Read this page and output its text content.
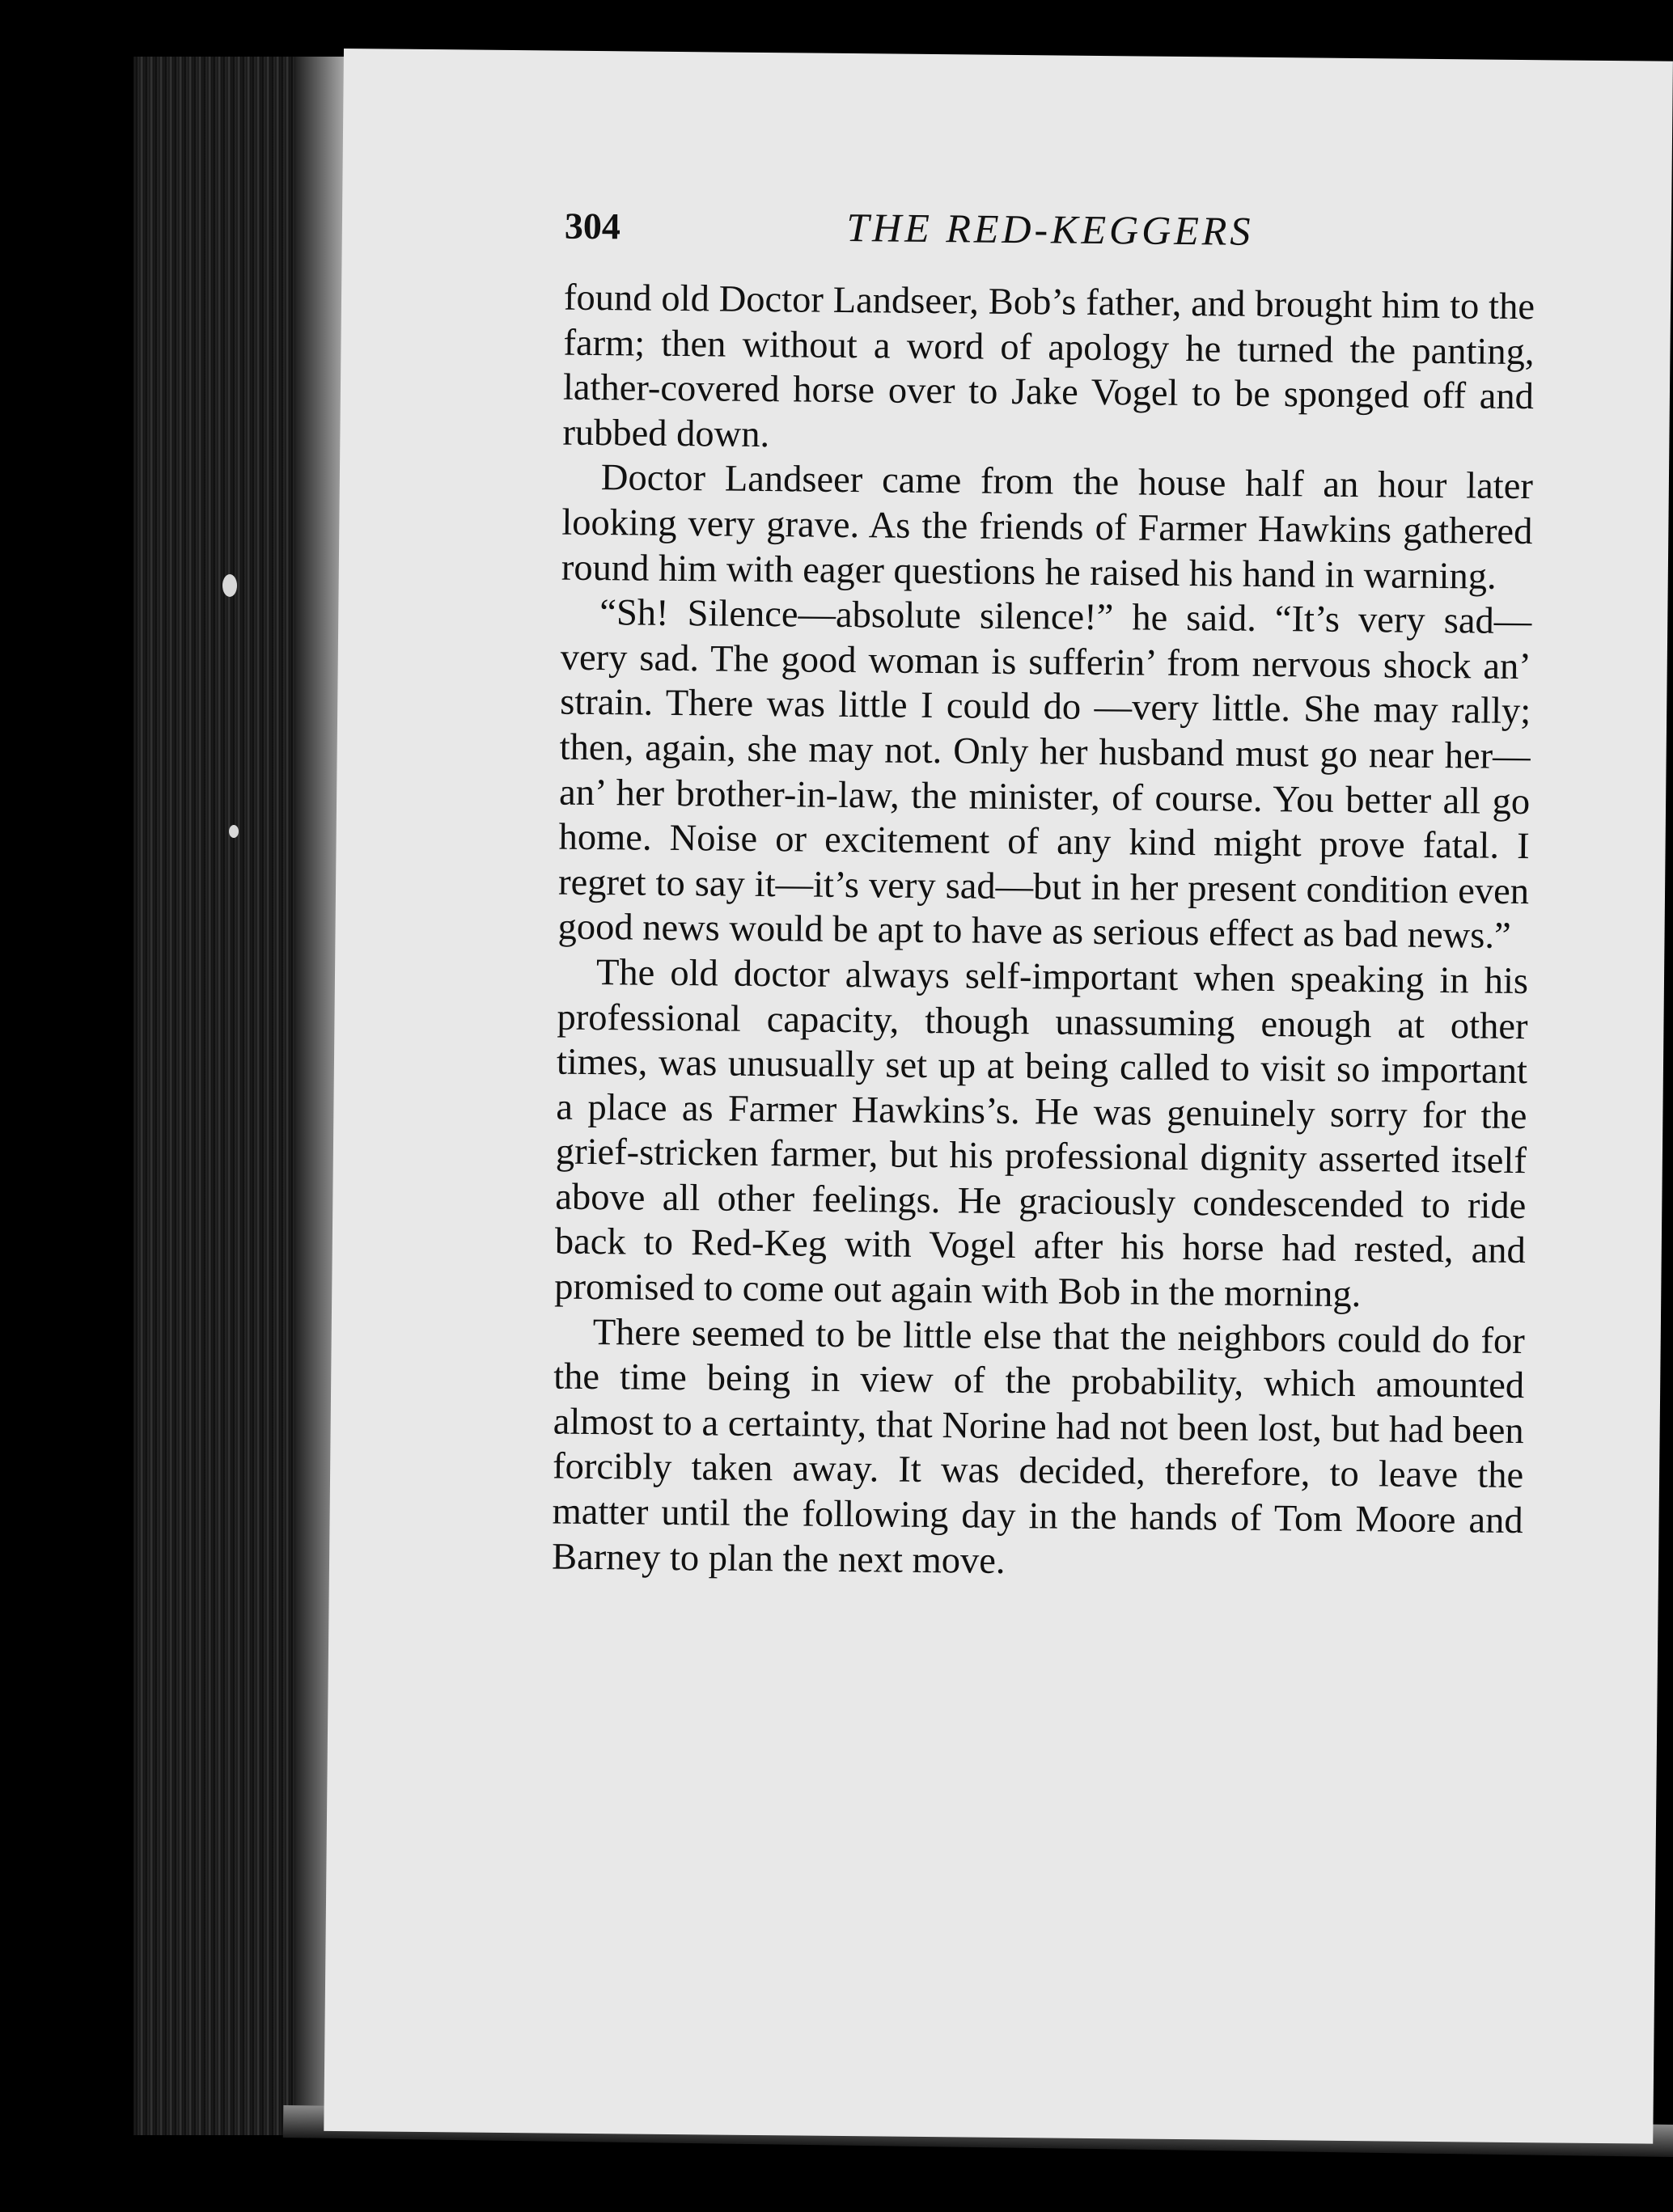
304	THE RED-KEGGERS

found old Doctor Landseer, Bob’s father, and brought him to the farm; then without a word of apology he turned the panting, lather-covered horse over to Jake Vogel to be sponged off and rubbed down.

Doctor Landseer came from the house half an hour later looking very grave. As the friends of Farmer Hawkins gathered round him with eager questions he raised his hand in warning.

“Sh! Silence—absolute silence!” he said. “It’s very sad—very sad. The good woman is sufferin’ from nervous shock an’ strain. There was little I could do —very little. She may rally; then, again, she may not. Only her husband must go near her—an’ her brother-in-law, the minister, of course. You better all go home. Noise or excitement of any kind might prove fatal. I regret to say it—it’s very sad—but in her present condition even good news would be apt to have as serious effect as bad news.”

The old doctor always self-important when speaking in his professional capacity, though unassuming enough at other times, was unusually set up at being called to visit so important a place as Farmer Hawkins’s. He was genuinely sorry for the grief-stricken farmer, but his professional dignity asserted itself above all other feelings. He graciously condescended to ride back to Red-Keg with Vogel after his horse had rested, and promised to come out again with Bob in the morning.

There seemed to be little else that the neighbors could do for the time being in view of the probability, which amounted almost to a certainty, that Norine had not been lost, but had been forcibly taken away. It was decided, therefore, to leave the matter until the following day in the hands of Tom Moore and Barney to plan the next move.
